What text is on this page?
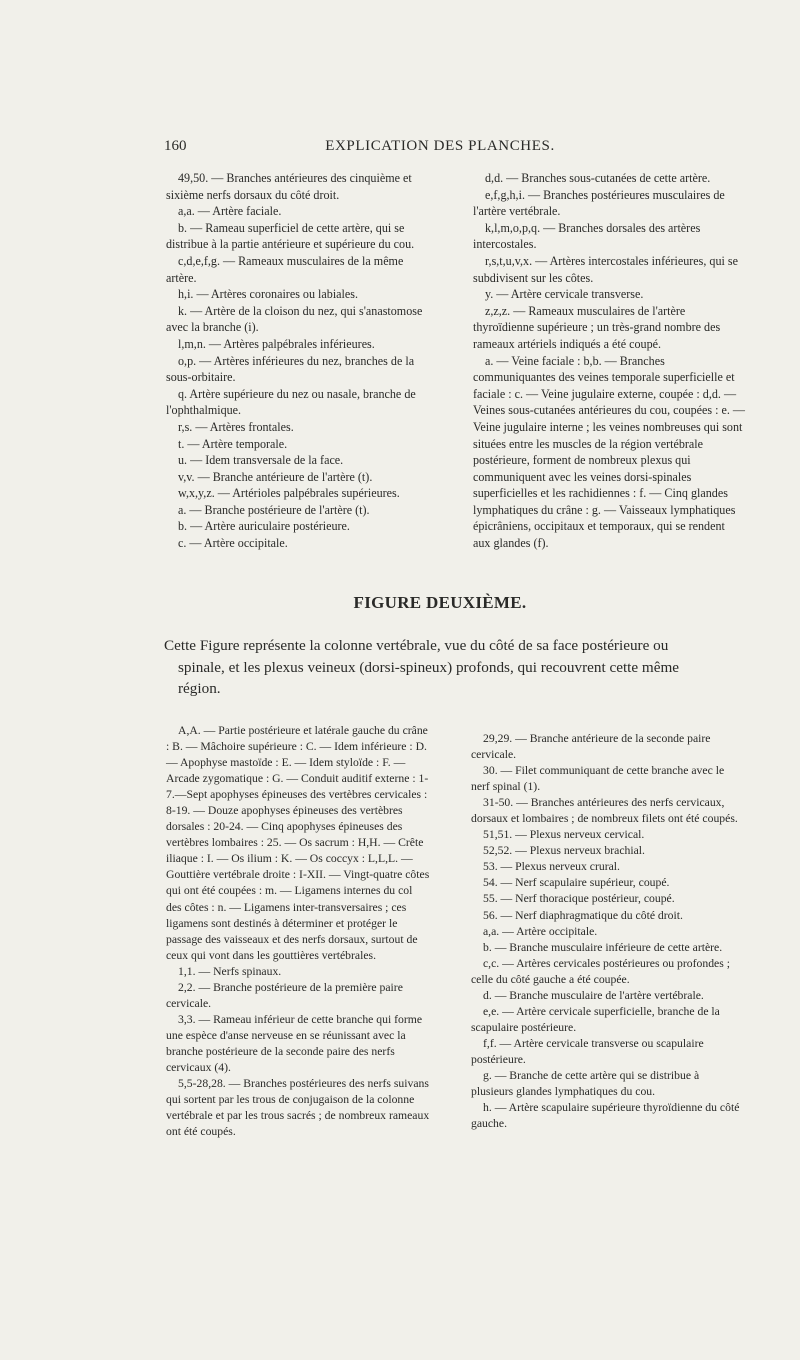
160	EXPLICATION DES PLANCHES.

49,50. — Branches antérieures des cinquième et sixième nerfs dorsaux du côté droit.

a,a. — Artère faciale.

b. — Rameau superficiel de cette artère, qui se distribue à la partie antérieure et supérieure du cou.

c,d,e,f,g. — Rameaux musculaires de la même artère.

h,i. — Artères coronaires ou labiales.

k. — Artère de la cloison du nez, qui s'anastomose avec la branche (i).

l,m,n. — Artères palpébrales inférieures.

o,p. — Artères inférieures du nez, branches de la sous-orbitaire.

q. Artère supérieure du nez ou nasale, branche de l'ophthalmique.

r,s. — Artères frontales.

t. — Artère temporale.

u. — Idem transversale de la face.

v,v. — Branche antérieure de l'artère (t).

w,x,y,z. — Artérioles palpébrales supérieures.

a. — Branche postérieure de l'artère (t).

b. — Artère auriculaire postérieure.

c. — Artère occipitale.

d,d. — Branches sous-cutanées de cette artère.

e,f,g,h,i. — Branches postérieures musculaires de l'artère vertébrale.

k,l,m,o,p,q. — Branches dorsales des artères intercostales.

r,s,t,u,v,x. — Artères intercostales inférieures, qui se subdivisent sur les côtes.

y. — Artère cervicale transverse.

z,z,z. — Rameaux musculaires de l'artère thyroïdienne supérieure ; un très-grand nombre des rameaux artériels indiqués a été coupé.

a. — Veine faciale : b,b. — Branches communiquantes des veines temporale superficielle et faciale : c. — Veine jugulaire externe, coupée : d,d. —Veines sous-cutanées antérieures du cou, coupées : e. — Veine jugulaire interne ; les veines nombreuses qui sont situées entre les muscles de la région vertébrale postérieure, forment de nombreux plexus qui communiquent avec les veines dorsi-spinales superficielles et les rachidiennes : f. — Cinq glandes lymphatiques du crâne : g. — Vaisseaux lymphatiques épicrâniens, occipitaux et temporaux, qui se rendent aux glandes (f).

FIGURE DEUXIÈME.
Cette Figure représente la colonne vertébrale, vue du côté de sa face postérieure ou
spinale, et les plexus veineux (dorsi-spineux) profonds, qui recouvrent cette même
région.

A,A. — Partie postérieure et latérale gauche du crâne : B. — Mâchoire supérieure : C. — Idem inférieure : D. — Apophyse mastoïde : E. — Idem styloïde : F. — Arcade zygomatique : G. — Conduit auditif externe : 1-7.—Sept apophyses épineuses des vertèbres cervicales : 8-19. — Douze apophyses épineuses des vertèbres dorsales : 20-24. — Cinq apophyses épineuses des vertèbres lombaires : 25. — Os sacrum : H,H. — Crête iliaque : I. — Os ilium : K. — Os coccyx : L,L,L. — Gouttière vertébrale droite : I-XII. — Vingt-quatre côtes qui ont été coupées : m. — Ligamens internes du col des côtes : n. — Ligamens inter-transversaires ; ces ligamens sont destinés à déterminer et protéger le passage des vaisseaux et des nerfs dorsaux, surtout de ceux qui vont dans les gouttières vertébrales.

1,1. — Nerfs spinaux.

2,2. — Branche postérieure de la première paire cervicale.

3,3. — Rameau inférieur de cette branche qui forme une espèce d'anse nerveuse en se réunissant avec la branche postérieure de la seconde paire des nerfs cervicaux (4).

5,5-28,28. — Branches postérieures des nerfs suivans qui sortent par les trous de conjugaison de la colonne vertébrale et par les trous sacrés ; de nombreux rameaux ont été coupés.

29,29. — Branche antérieure de la seconde paire cervicale.

30. — Filet communiquant de cette branche avec le nerf spinal (1).

31-50. — Branches antérieures des nerfs cervicaux, dorsaux et lombaires ; de nombreux filets ont été coupés.

51,51. — Plexus nerveux cervical.

52,52. — Plexus nerveux brachial.

53. — Plexus nerveux crural.

54. — Nerf scapulaire supérieur, coupé.

55. — Nerf thoracique postérieur, coupé.

56. — Nerf diaphragmatique du côté droit.

a,a. — Artère occipitale.

b. — Branche musculaire inférieure de cette artère.

c,c. — Artères cervicales postérieures ou profondes ; celle du côté gauche a été coupée.

d. — Branche musculaire de l'artère vertébrale.

e,e. — Artère cervicale superficielle, branche de la scapulaire postérieure.

f,f. — Artère cervicale transverse ou scapulaire postérieure.

g. — Branche de cette artère qui se distribue à plusieurs glandes lymphatiques du cou.

h. — Artère scapulaire supérieure thyroïdienne du côté gauche.
